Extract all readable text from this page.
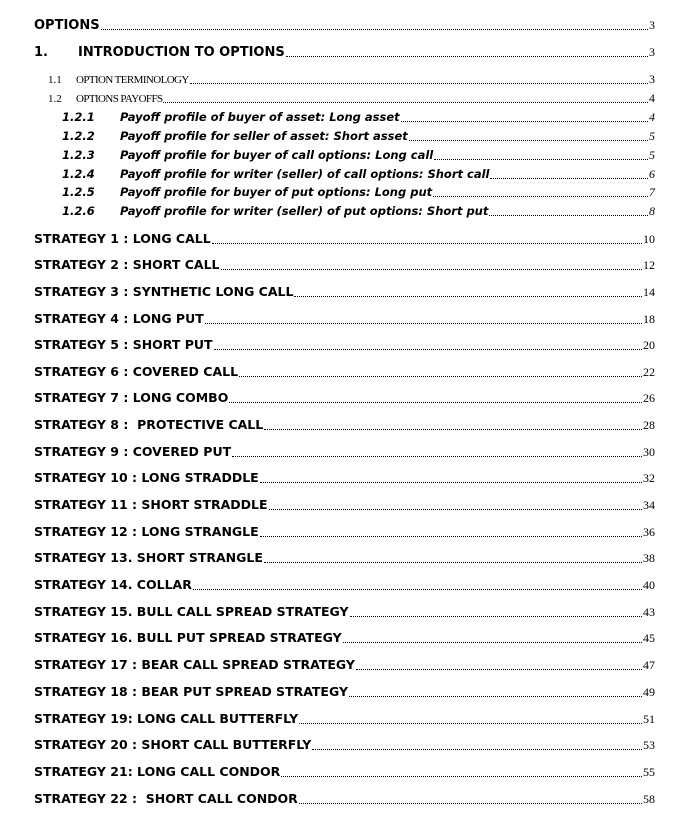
OPTIONS	3
1.	INTRODUCTION TO OPTIONS	3
1.1	OPTION TERMINOLOGY	3
1.2	OPTIONS PAYOFFS	4
1.2.1	Payoff profile of buyer of asset: Long asset	4
1.2.2	Payoff profile for seller of asset: Short asset	5
1.2.3	Payoff profile for buyer of call options: Long call	5
1.2.4	Payoff profile for writer (seller) of call options: Short call	6
1.2.5	Payoff profile for buyer of put options: Long put	7
1.2.6	Payoff profile for writer (seller) of put options: Short put	8
STRATEGY 1 : LONG CALL	10
STRATEGY 2 : SHORT CALL	12
STRATEGY 3 : SYNTHETIC LONG CALL	14
STRATEGY 4 : LONG PUT	18
STRATEGY 5 : SHORT PUT	20
STRATEGY 6 : COVERED CALL	22
STRATEGY 7 : LONG COMBO	26
STRATEGY 8 :  PROTECTIVE CALL	28
STRATEGY 9 : COVERED PUT	30
STRATEGY 10 : LONG STRADDLE	32
STRATEGY 11 : SHORT STRADDLE	34
STRATEGY 12 : LONG STRANGLE	36
STRATEGY 13. SHORT STRANGLE	38
STRATEGY 14. COLLAR	40
STRATEGY 15. BULL CALL SPREAD STRATEGY	43
STRATEGY 16. BULL PUT SPREAD STRATEGY	45
STRATEGY 17 : BEAR CALL SPREAD STRATEGY	47
STRATEGY 18 : BEAR PUT SPREAD STRATEGY	49
STRATEGY 19: LONG CALL BUTTERFLY	51
STRATEGY 20 : SHORT CALL BUTTERFLY	53
STRATEGY 21: LONG CALL CONDOR	55
STRATEGY 22 :  SHORT CALL CONDOR	58
